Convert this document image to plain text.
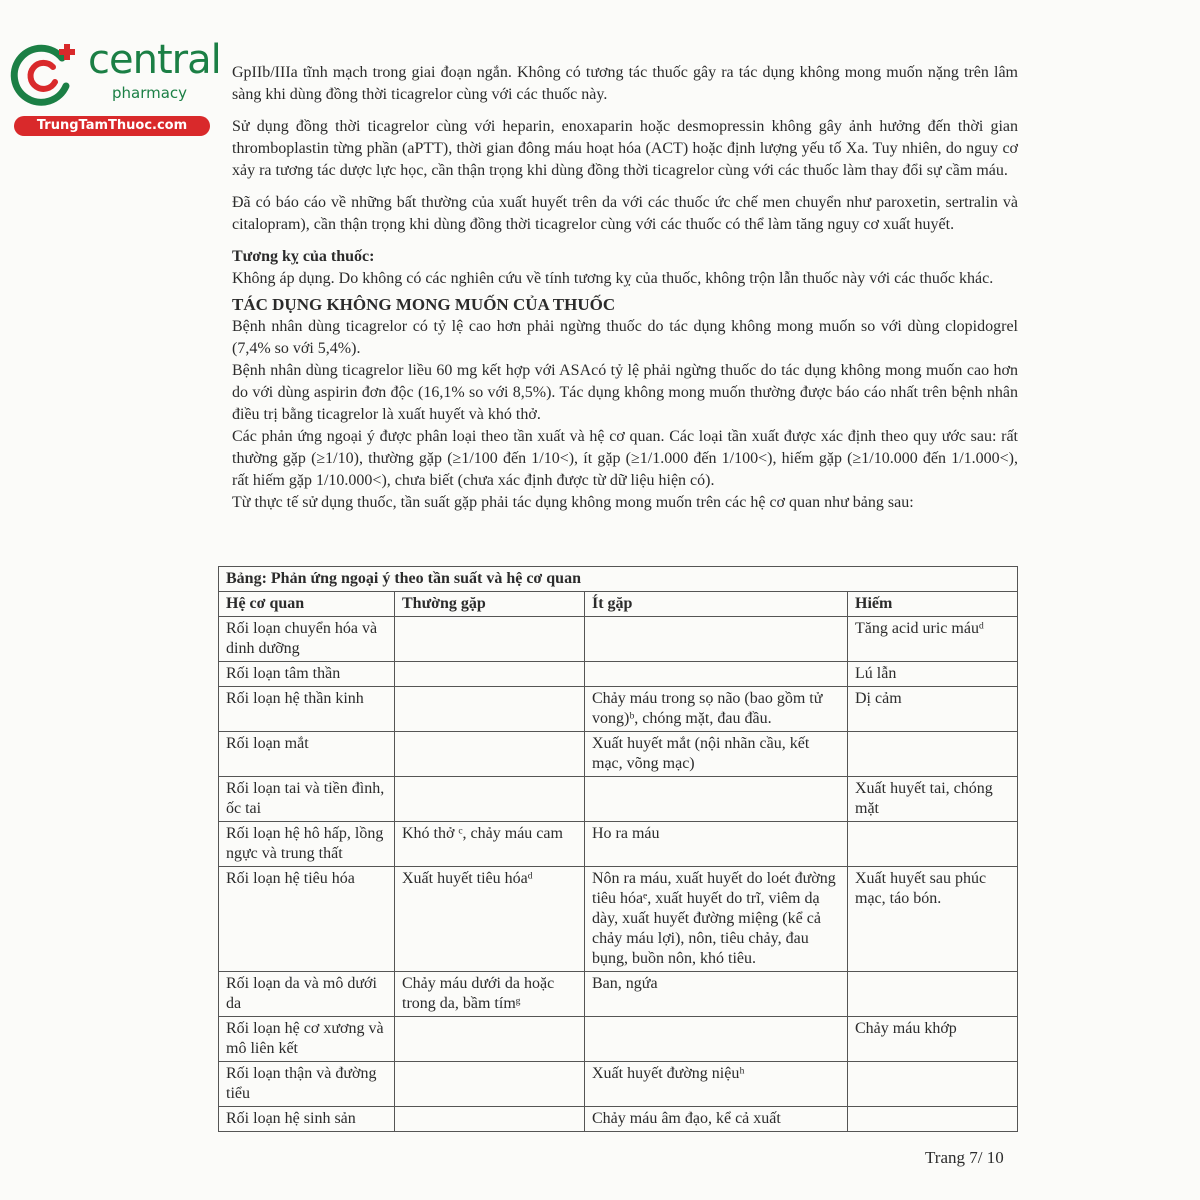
central
pharmacy
TrungTamThuoc.com

GpIIb/IIIa tĩnh mạch trong giai đoạn ngắn. Không có tương tác thuốc gây ra tác dụng không mong muốn nặng trên lâm sàng khi dùng đồng thời ticagrelor cùng với các thuốc này.

Sử dụng đồng thời ticagrelor cùng với heparin, enoxaparin hoặc desmopressin không gây ảnh hưởng đến thời gian thromboplastin từng phần (aPTT), thời gian đông máu hoạt hóa (ACT) hoặc định lượng yếu tố Xa. Tuy nhiên, do nguy cơ xảy ra tương tác dược lực học, cần thận trọng khi dùng đồng thời ticagrelor cùng với các thuốc làm thay đổi sự cầm máu.

Đã có báo cáo về những bất thường của xuất huyết trên da với các thuốc ức chế men chuyển như paroxetin, sertralin và citalopram), cần thận trọng khi dùng đồng thời ticagrelor cùng với các thuốc có thể làm tăng nguy cơ xuất huyết.

Tương kỵ của thuốc:

Không áp dụng. Do không có các nghiên cứu về tính tương kỵ của thuốc, không trộn lẫn thuốc này với các thuốc khác.

TÁC DỤNG KHÔNG MONG MUỐN CỦA THUỐC

Bệnh nhân dùng ticagrelor có tỷ lệ cao hơn phải ngừng thuốc do tác dụng không mong muốn so với dùng clopidogrel (7,4% so với 5,4%).

Bệnh nhân dùng ticagrelor liều 60 mg kết hợp với ASAcó tỷ lệ phải ngừng thuốc do tác dụng không mong muốn cao hơn do với dùng aspirin đơn độc (16,1% so với 8,5%). Tác dụng không mong muốn thường được báo cáo nhất trên bệnh nhân điều trị bằng ticagrelor là xuất huyết và khó thở.

Các phản ứng ngoại ý được phân loại theo tần xuất và hệ cơ quan. Các loại tần xuất được xác định theo quy ước sau: rất thường gặp (≥1/10), thường gặp (≥1/100 đến 1/10<), ít gặp (≥1/1.000 đến 1/100<), hiếm gặp (≥1/10.000 đến 1/1.000<), rất hiếm gặp 1/10.000<), chưa biết (chưa xác định được từ dữ liệu hiện có).

Từ thực tế sử dụng thuốc, tần suất gặp phải tác dụng không mong muốn trên các hệ cơ quan như bảng sau:

Bảng: Phản ứng ngoại ý theo tần suất và hệ cơ quan			
Hệ cơ quan	Thường gặp	Ít gặp	Hiếm
Rối loạn chuyển hóa và dinh dưỡng			Tăng acid uric máuᵈ
Rối loạn tâm thần			Lú lẫn
Rối loạn hệ thần kinh		Chảy máu trong sọ não (bao gồm tử vong)ᵇ, chóng mặt, đau đầu.	Dị cảm
Rối loạn mắt		Xuất huyết mắt (nội nhãn cầu, kết mạc, võng mạc)	
Rối loạn tai và tiền đình, ốc tai			Xuất huyết tai, chóng mặt
Rối loạn hệ hô hấp, lồng ngực và trung thất	Khó thở ᶜ, chảy máu cam	Ho ra máu	
Rối loạn hệ tiêu hóa	Xuất huyết tiêu hóaᵈ	Nôn ra máu, xuất huyết do loét đường tiêu hóaᵉ, xuất huyết do trĩ, viêm dạ dày, xuất huyết đường miệng (kể cả chảy máu lợi), nôn, tiêu chảy, đau bụng, buồn nôn, khó tiêu.	Xuất huyết sau phúc mạc, táo bón.
Rối loạn da và mô dưới da	Chảy máu dưới da hoặc trong da, bầm tímᵍ	Ban, ngứa	
Rối loạn hệ cơ xương và mô liên kết			Chảy máu khớp
Rối loạn thận và đường tiểu		Xuất huyết đường niệuʰ	
Rối loạn hệ sinh sản		Chảy máu âm đạo, kể cả xuất	
Trang 7/ 10
